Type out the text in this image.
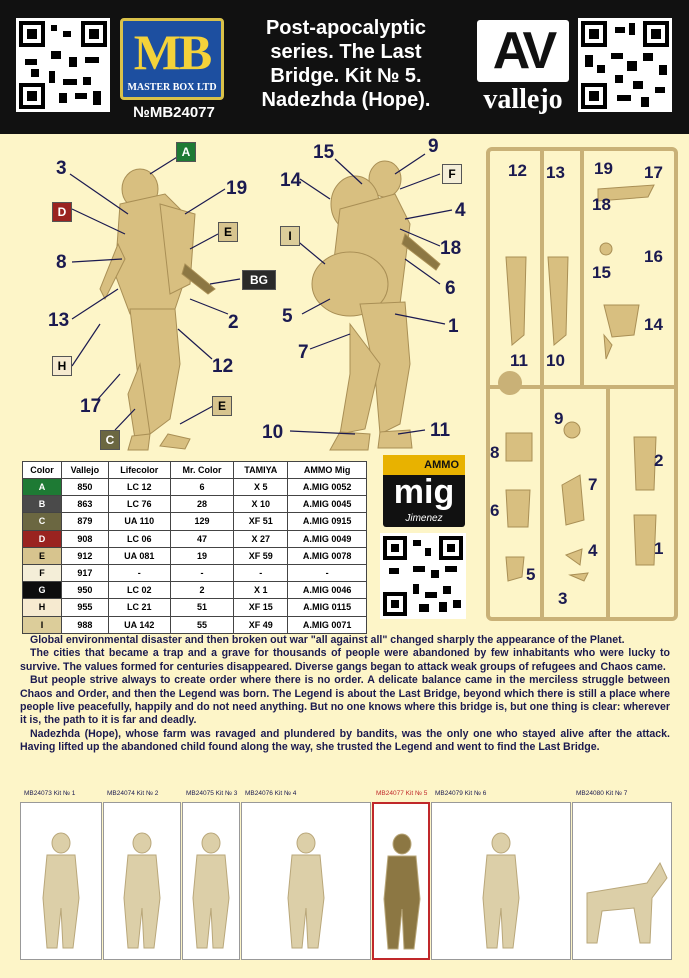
MB
MASTER BOX LTD
№MB24077
Post-apocalyptic
series. The Last
Bridge. Kit № 5.
Nadezhda (Hope).
AV
vallejo
3
D
8
13
H
17
C
E
12
2
BG
E
19
A	15	9
F
14
4
I
18
6
5	1
7
10	11
12 13 19 17
18
16
15
14
11 10
9
8
7
6
5
4
3
2
1
Color	Vallejo	Lifecolor	Mr. Color	TAMIYA	AMMO Mig
A	850	LC 12	6	X 5	A.MIG 0052
B	863	LC 76	28	X 10	A.MIG 0045
C	879	UA 110	129	XF 51	A.MIG 0915
D	908	LC 06	47	X 27	A.MIG 0049
E	912	UA 081	19	XF 59	A.MIG 0078
F	917	-	-	-	-
G	950	LC 02	2	X 1	A.MIG 0046
H	955	LC 21	51	XF 15	A.MIG 0115
I	988	UA 142	55	XF 49	A.MIG 0071
AMMO
mig
Jimenez

Global environmental disaster and then broken out war "all against all" changed sharply the appearance of the Planet.

The cities that became a trap and a grave for thousands of people were abandoned by few inhabitants who were lucky to survive. The values formed for centuries disappeared. Diverse gangs began to attack weak groups of refugees and Chaos came.

But people strive always to create order where there is no order. A delicate balance came in the merciless struggle between Chaos and Order, and then the Legend was born. The Legend is about the Last Bridge, beyond which there is still a place where people live peacefully, happily and do not need anything. But no one knows where this bridge is, but one thing is clear: wherever it is, the path to it is far and deadly.

Nadezhda (Hope), whose farm was ravaged and plundered by bandits, was the only one who stayed alive after the attack. Having lifted up the abandoned child found along the way, she trusted the Legend and went to find the Last Bridge.

MB24073 Kit № 1	MB24074 Kit № 2	MB24075 Kit № 3 MB24076 Kit № 4	MB24077 Kit № 5 MB24079 Kit № 6	MB24080 Kit № 7
